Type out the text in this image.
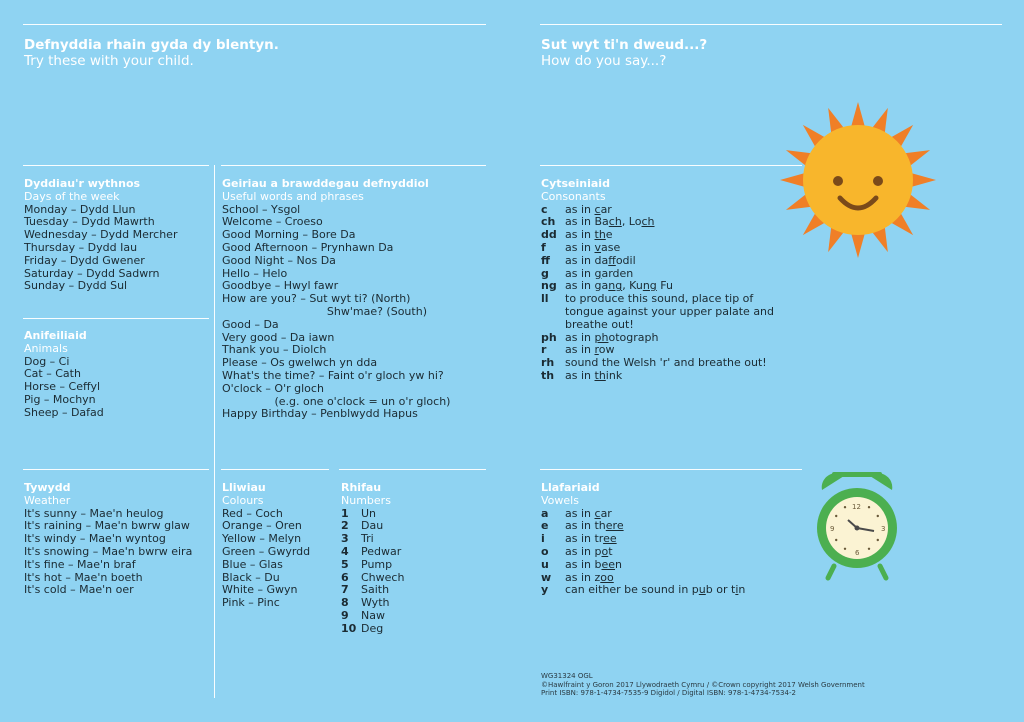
Defnyddia rhain gyda dy blentyn.
Try these with your child.
Sut wyt ti'n dweud...?
How do you say...?
Dyddiau'r wythnos
Days of the week
Monday – Dydd Llun
Tuesday – Dydd Mawrth
Wednesday – Dydd Mercher
Thursday – Dydd Iau
Friday – Dydd Gwener
Saturday – Dydd Sadwrn
Sunday – Dydd Sul
Anifeiliaid
Animals
Dog – Ci
Cat – Cath
Horse – Ceffyl
Pig – Mochyn
Sheep – Dafad
Tywydd
Weather
It's sunny – Mae'n heulog
It's raining – Mae'n bwrw glaw
It's windy – Mae'n wyntog
It's snowing – Mae'n bwrw eira
It's fine – Mae'n braf
It's hot – Mae'n boeth
It's cold – Mae'n oer
Geiriau a brawddegau defnyddiol
Useful words and phrases
School – Ysgol
Welcome – Croeso
Good Morning – Bore Da
Good Afternoon – Prynhawn Da
Good Night – Nos Da
Hello – Helo
Goodbye – Hwyl fawr
How are you? – Sut wyt ti? (North)
Shw'mae? (South)
Good – Da
Very good – Da iawn
Thank you – Diolch
Please – Os gwelwch yn dda
What's the time? – Faint o'r gloch yw hi?
O'clock – O'r gloch
(e.g. one o'clock = un o'r gloch)
Happy Birthday – Penblwydd Hapus
Lliwiau
Colours
Red – Coch
Orange – Oren
Yellow – Melyn
Green – Gwyrdd
Blue – Glas
Black – Du
White – Gwyn
Pink – Pinc
Rhifau
Numbers
1	Un
2	Dau
3	Tri
4	Pedwar
5	Pump
6	Chwech
7	Saith
8	Wyth
9	Naw
10 Deg
Cytseiniaid
Consonants
c	as in car
ch as in Bach, Loch
dd as in the
f	as in vase
ff	as in daffodil
g	as in garden
ng as in gang, Kung Fu
ll	to produce this sound, place tip of tongue against your upper palate and breathe out!
ph as in photograph
r	as in row
rh sound the Welsh 'r' and breathe out!
th as in think
Llafariaid
Vowels
a	as in car
e	as in there
i	as in tree
o	as in pot
u	as in been
w	as in zoo
y	can either be sound in pub or tin
12
6
3
9
WG31324 OGL
©Hawlfraint y Goron 2017 Llywodraeth Cymru / ©Crown copyright 2017 Welsh Government
Print ISBN: 978-1-4734-7535-9 Digidol / Digital ISBN: 978-1-4734-7534-2
